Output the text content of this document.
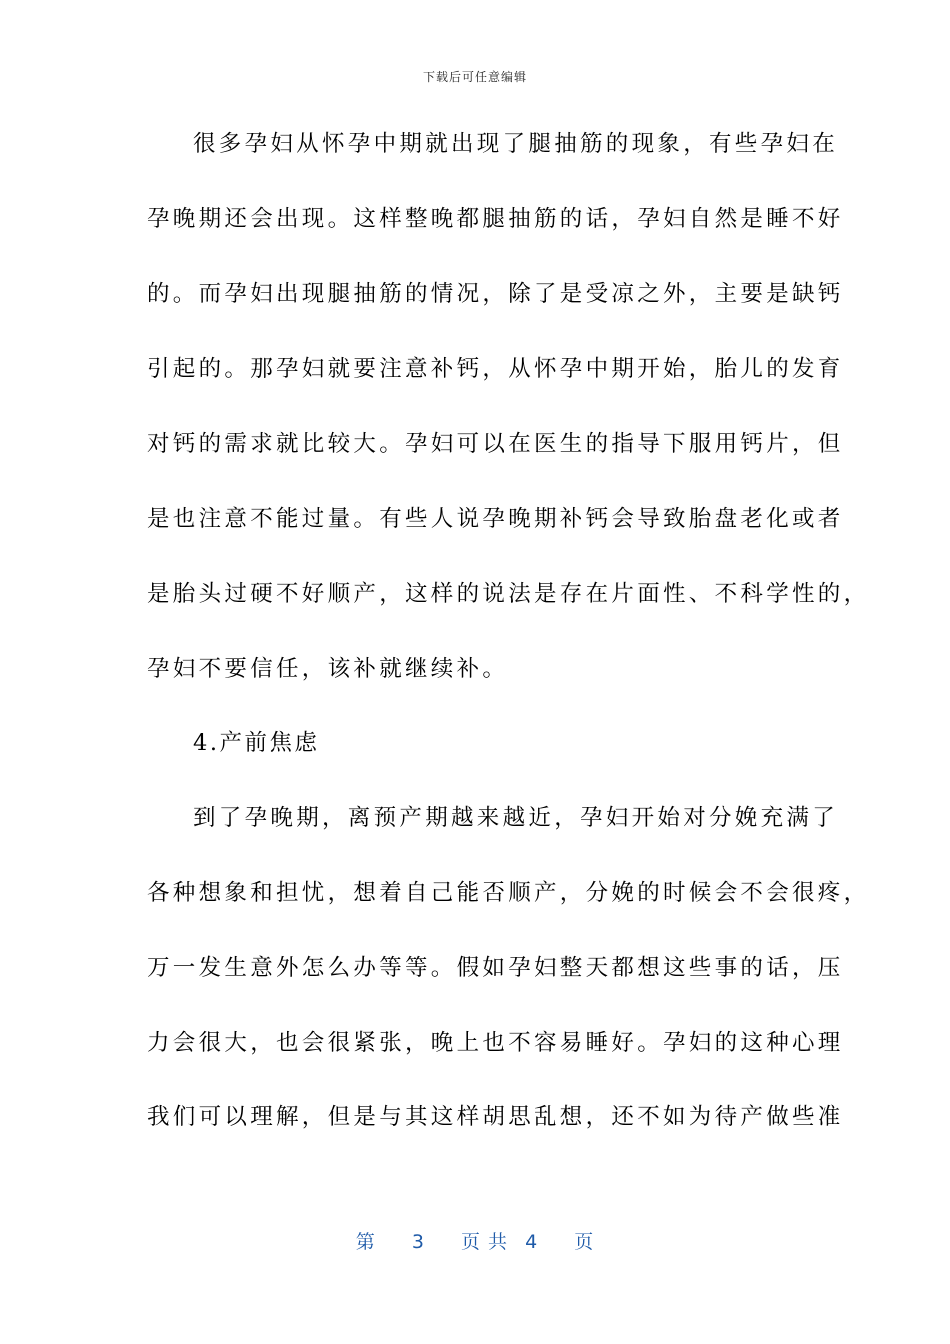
下载后可任意编辑
很多孕妇从怀孕中期就出现了腿抽筋的现象，有些孕妇在
孕晚期还会出现。这样整晚都腿抽筋的话，孕妇自然是睡不好
的。而孕妇出现腿抽筋的情况，除了是受凉之外，主要是缺钙
引起的。那孕妇就要注意补钙，从怀孕中期开始，胎儿的发育
对钙的需求就比较大。孕妇可以在医生的指导下服用钙片，但
是也注意不能过量。有些人说孕晚期补钙会导致胎盘老化或者
是胎头过硬不好顺产，这样的说法是存在片面性、不科学性的，
孕妇不要信任，该补就继续补。
4.产前焦虑
到了孕晚期，离预产期越来越近，孕妇开始对分娩充满了
各种想象和担忧，想着自己能否顺产，分娩的时候会不会很疼，
万一发生意外怎么办等等。假如孕妇整天都想这些事的话，压
力会很大，也会很紧张，晚上也不容易睡好。孕妇的这种心理
我们可以理解，但是与其这样胡思乱想，还不如为待产做些准
第 3 页 共 4 页
